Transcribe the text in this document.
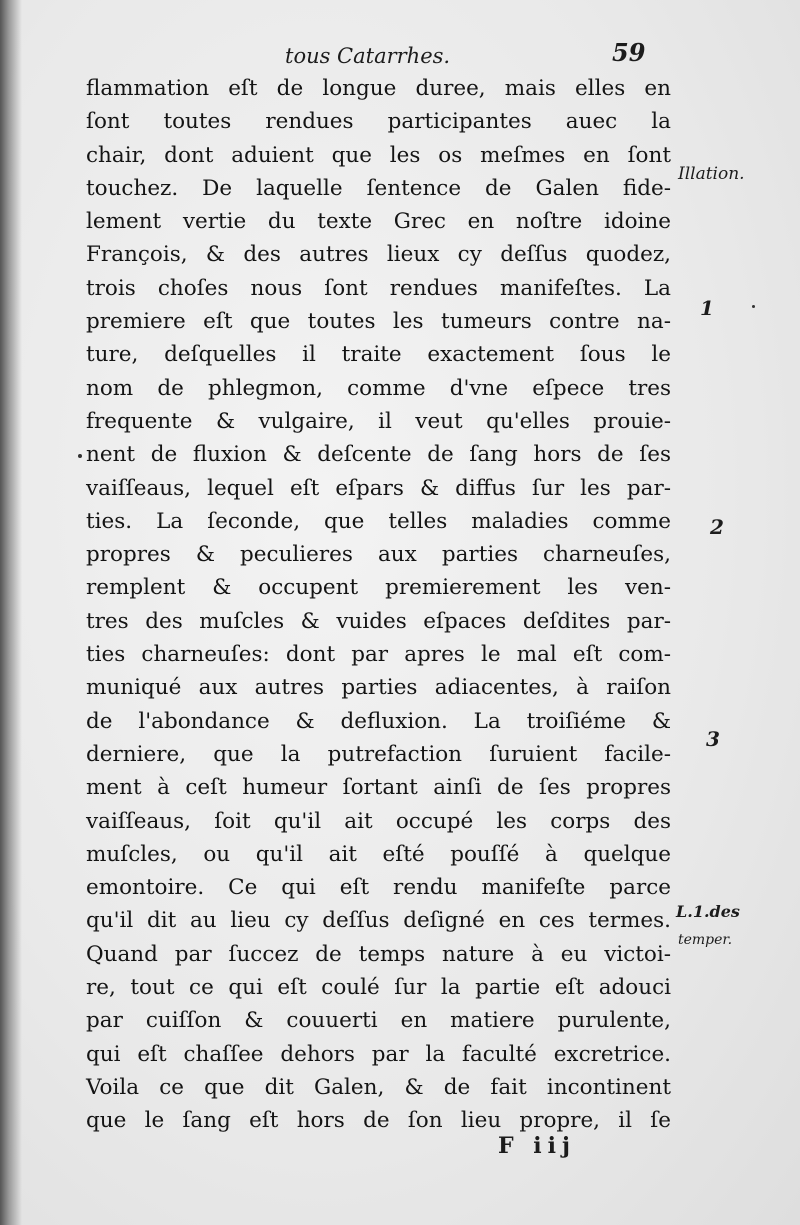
tous Catarrhes.	59
flammation eſt de longue duree, mais elles en
ſont toutes rendues participantes auec la
chair, dont aduient que les os meſmes en ſont
touchez. De laquelle ſentence de Galen fide-
lement vertie du texte Grec en noſtre idoine
François, & des autres lieux cy deſſus quodez,
trois choſes nous ſont rendues manifeſtes. La
premiere eſt que toutes les tumeurs contre na-
ture, deſquelles il traite exactement ſous le
nom de phlegmon, comme d'vne eſpece tres
frequente & vulgaire, il veut qu'elles prouie-
nent de fluxion & deſcente de ſang hors de ſes
vaiſſeaus, lequel eſt eſpars & diffus ſur les par-
ties. La ſeconde, que telles maladies comme
propres & peculieres aux parties charneuſes,
remplent & occupent premierement les ven-
tres des muſcles & vuides eſpaces deſdites par-
ties charneuſes: dont par apres le mal eſt com-
muniqué aux autres parties adiacentes, à raiſon
de l'abondance & defluxion. La troiſiéme &
derniere, que la putrefaction ſuruient facile-
ment à ceſt humeur ſortant ainſi de ſes propres
vaiſſeaus, ſoit qu'il ait occupé les corps des
muſcles, ou qu'il ait eſté pouſſé à quelque
emontoire. Ce qui eſt rendu manifeſte parce
qu'il dit au lieu cy deſſus deſigné en ces termes.
Quand par ſuccez de temps nature à eu victoi-
re, tout ce qui eſt coulé ſur la partie eſt adouci
par cuiſſon & couuerti en matiere purulente,
qui eſt chaſſee dehors par la faculté excretrice.
Voila ce que dit Galen, & de fait incontinent
que le ſang eſt hors de ſon lieu propre, il ſe
Illation.
1
2
3
L.1.des
temper.
F iij
